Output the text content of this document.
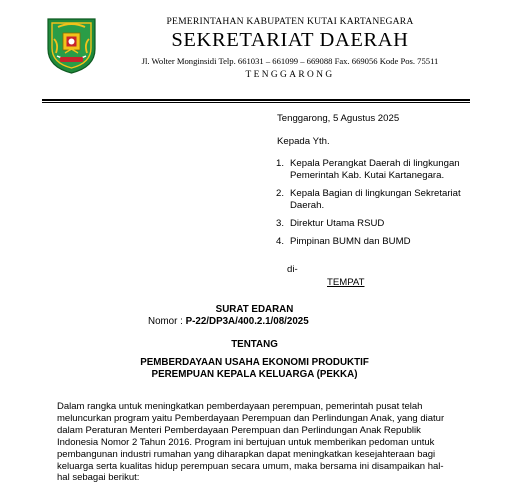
PEMERINTAHAN KABUPATEN KUTAI KARTANEGARA
SEKRETARIAT DAERAH
Jl. Wolter Monginsidi Telp. 661031 – 661099 – 669088 Fax. 669056 Kode Pos. 75511
TENGGARONG
Tenggarong, 5 Agustus 2025
Kepada Yth.
1. Kepala Perangkat Daerah di lingkungan Pemerintah Kab. Kutai Kartanegara.
2. Kepala Bagian di lingkungan Sekretariat Daerah.
3. Direktur Utama RSUD
4. Pimpinan BUMN dan BUMD
di-
TEMPAT
SURAT EDARAN
Nomor : P-22/DP3A/400.2.1/08/2025
TENTANG
PEMBERDAYAAN USAHA EKONOMI PRODUKTIF
PEREMPUAN KEPALA KELUARGA (PEKKA)
Dalam rangka untuk meningkatkan pemberdayaan perempuan, pemerintah pusat telah meluncurkan program yaitu Pemberdayaan Perempuan dan Perlindungan Anak, yang diatur dalam Peraturan Menteri Pemberdayaan Perempuan dan Perlindungan Anak Republik Indonesia Nomor 2 Tahun 2016. Program ini bertujuan untuk memberikan pedoman untuk pembangunan industri rumahan yang diharapkan dapat meningkatkan kesejahteraan bagi keluarga serta kualitas hidup perempuan secara umum, maka bersama ini disampaikan hal-hal sebagai berikut:
